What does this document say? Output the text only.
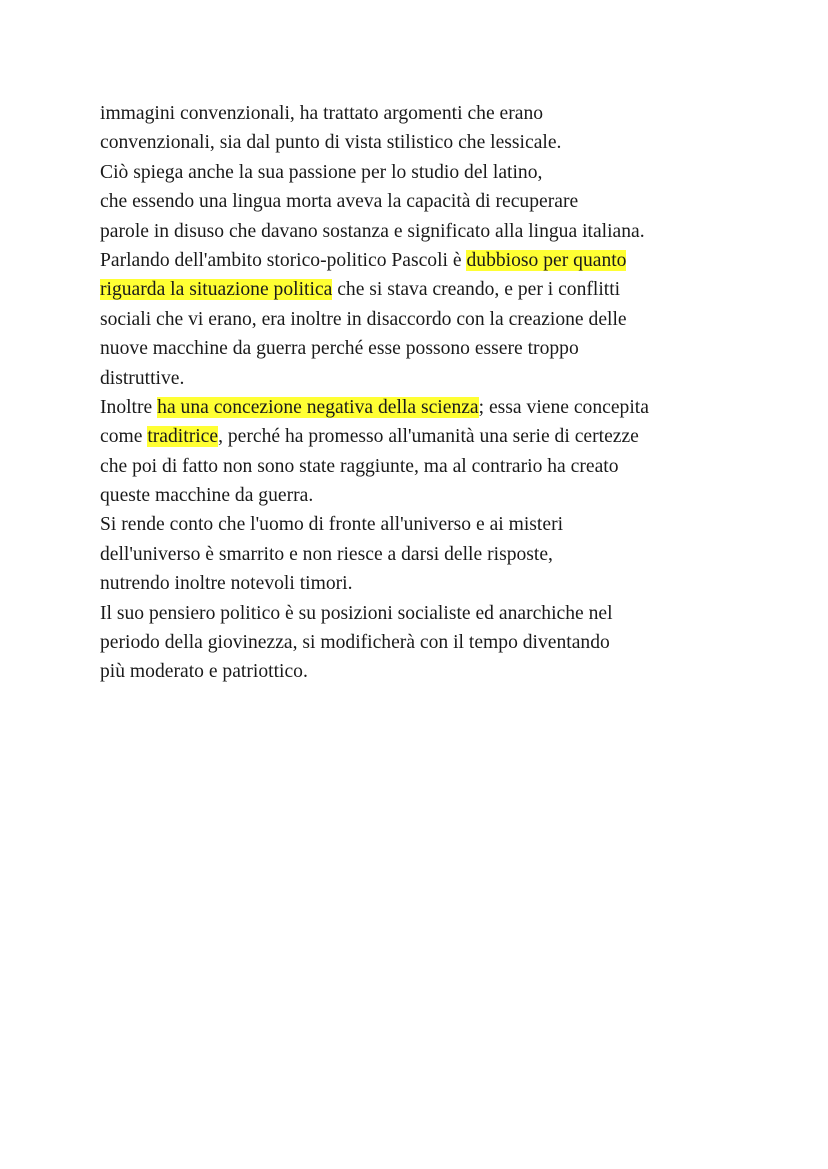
immagini convenzionali, ha trattato argomenti che erano
convenzionali, sia dal punto di vista stilistico che lessicale.
Ciò spiega anche la sua passione per lo studio del latino,
che essendo una lingua morta aveva la capacità di recuperare
parole in disuso che davano sostanza e significato alla lingua italiana.
Parlando dell'ambito storico-politico Pascoli è dubbioso per quanto
riguarda la situazione politica che si stava creando, e per i conflitti
sociali che vi erano, era inoltre in disaccordo con la creazione delle
nuove macchine da guerra perché esse possono essere troppo
distruttive.
Inoltre ha una concezione negativa della scienza; essa viene concepita
come traditrice, perché ha promesso all'umanità una serie di certezze
che poi di fatto non sono state raggiunte, ma al contrario ha creato
queste macchine da guerra.
Si rende conto che l'uomo di fronte all'universo e ai misteri
dell'universo è smarrito e non riesce a darsi delle risposte,
nutrendo inoltre notevoli timori.
Il suo pensiero politico è su posizioni socialiste ed anarchiche nel
periodo della giovinezza, si modificherà con il tempo diventando
più moderato e patriottico.
